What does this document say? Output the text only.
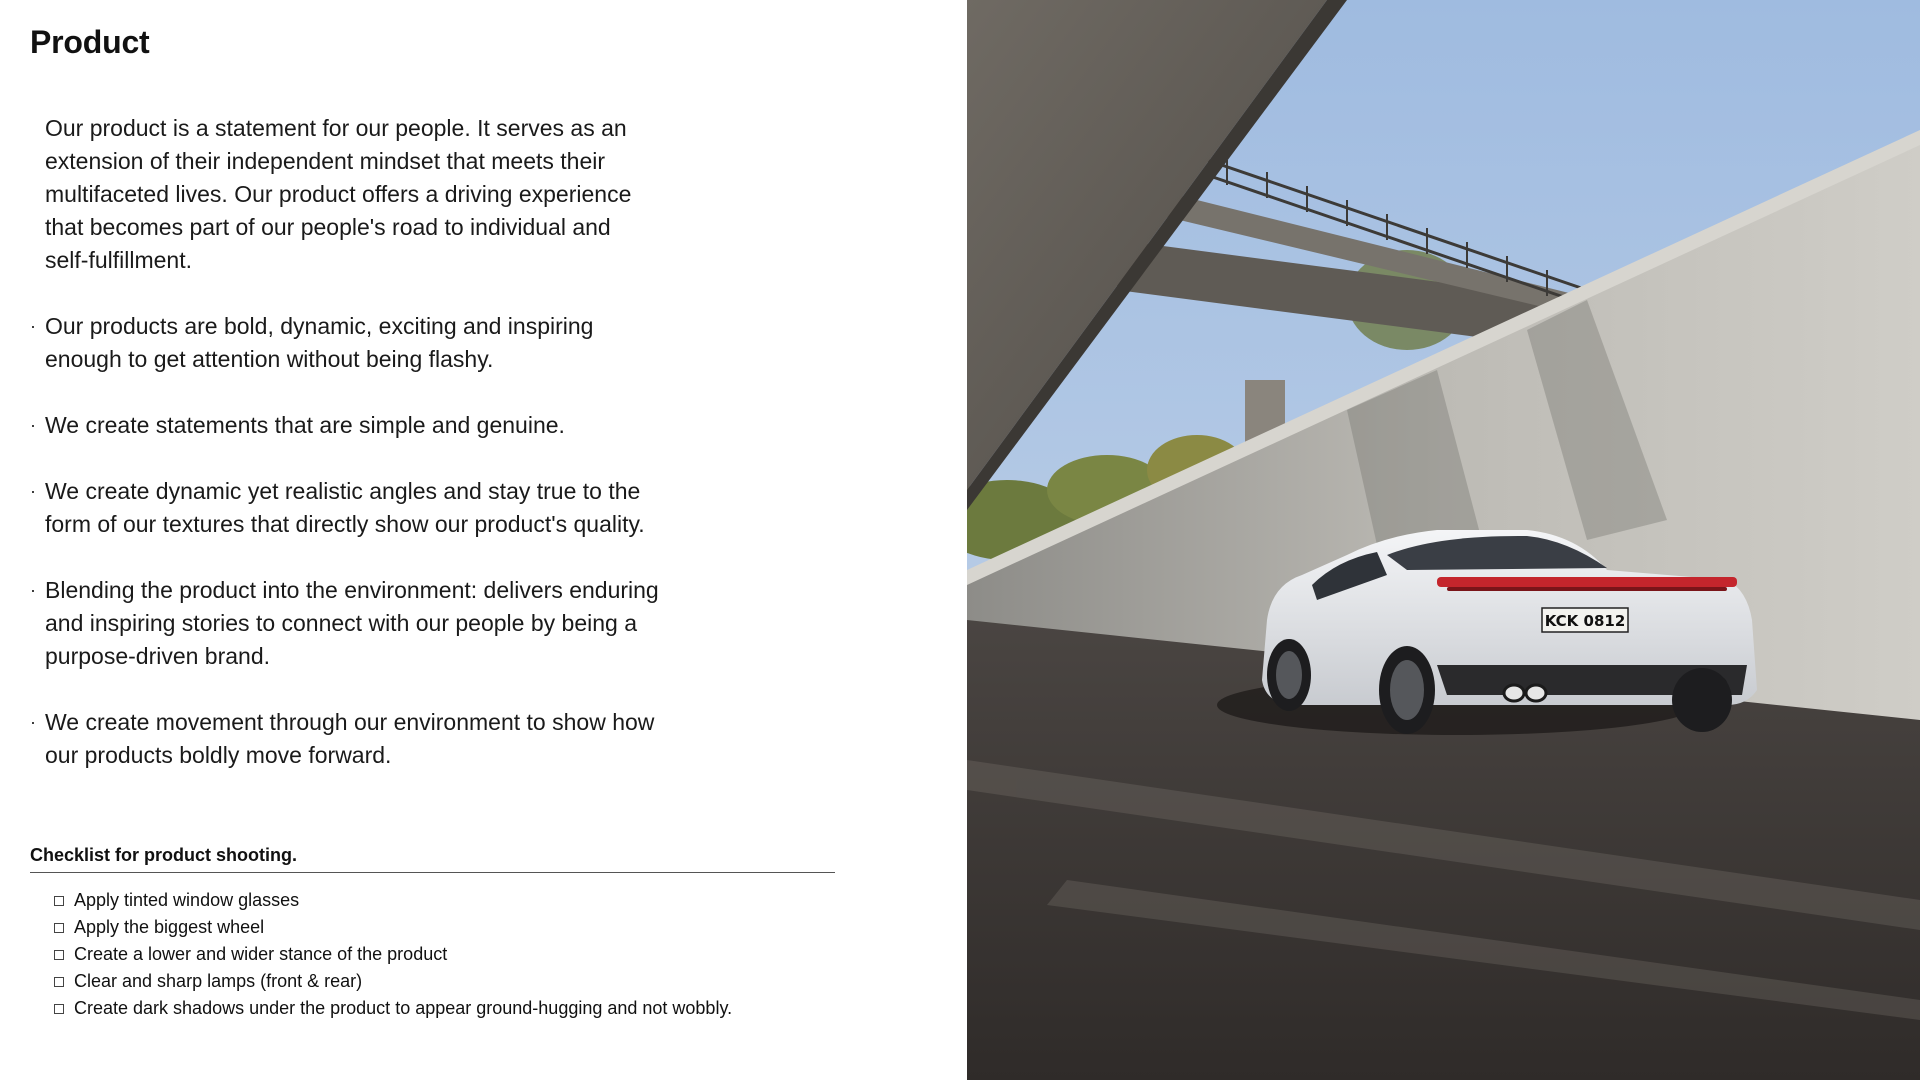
Product

Our product is a statement for our people. It serves as an
extension of their independent mindset that meets their
multifaceted lives. Our product offers a driving experience
that becomes part of our people's road to individual and
self-fulfillment.

· Our products are bold, dynamic, exciting and inspiring
enough to get attention without being flashy.
· We create statements that are simple and genuine.
· We create dynamic yet realistic angles and stay true to the
form of our textures that directly show our product's quality.
· Blending the product into the environment: delivers enduring
and inspiring stories to connect with our people by being a
purpose-driven brand.
· We create movement through our environment to show how
our products boldly move forward.
Checklist for product shooting.
Apply tinted window glasses
Apply the biggest wheel
Create a lower and wider stance of the product
Clear and sharp lamps (front & rear)
Create dark shadows under the product to appear ground-hugging and not wobbly.
KCK 0812
